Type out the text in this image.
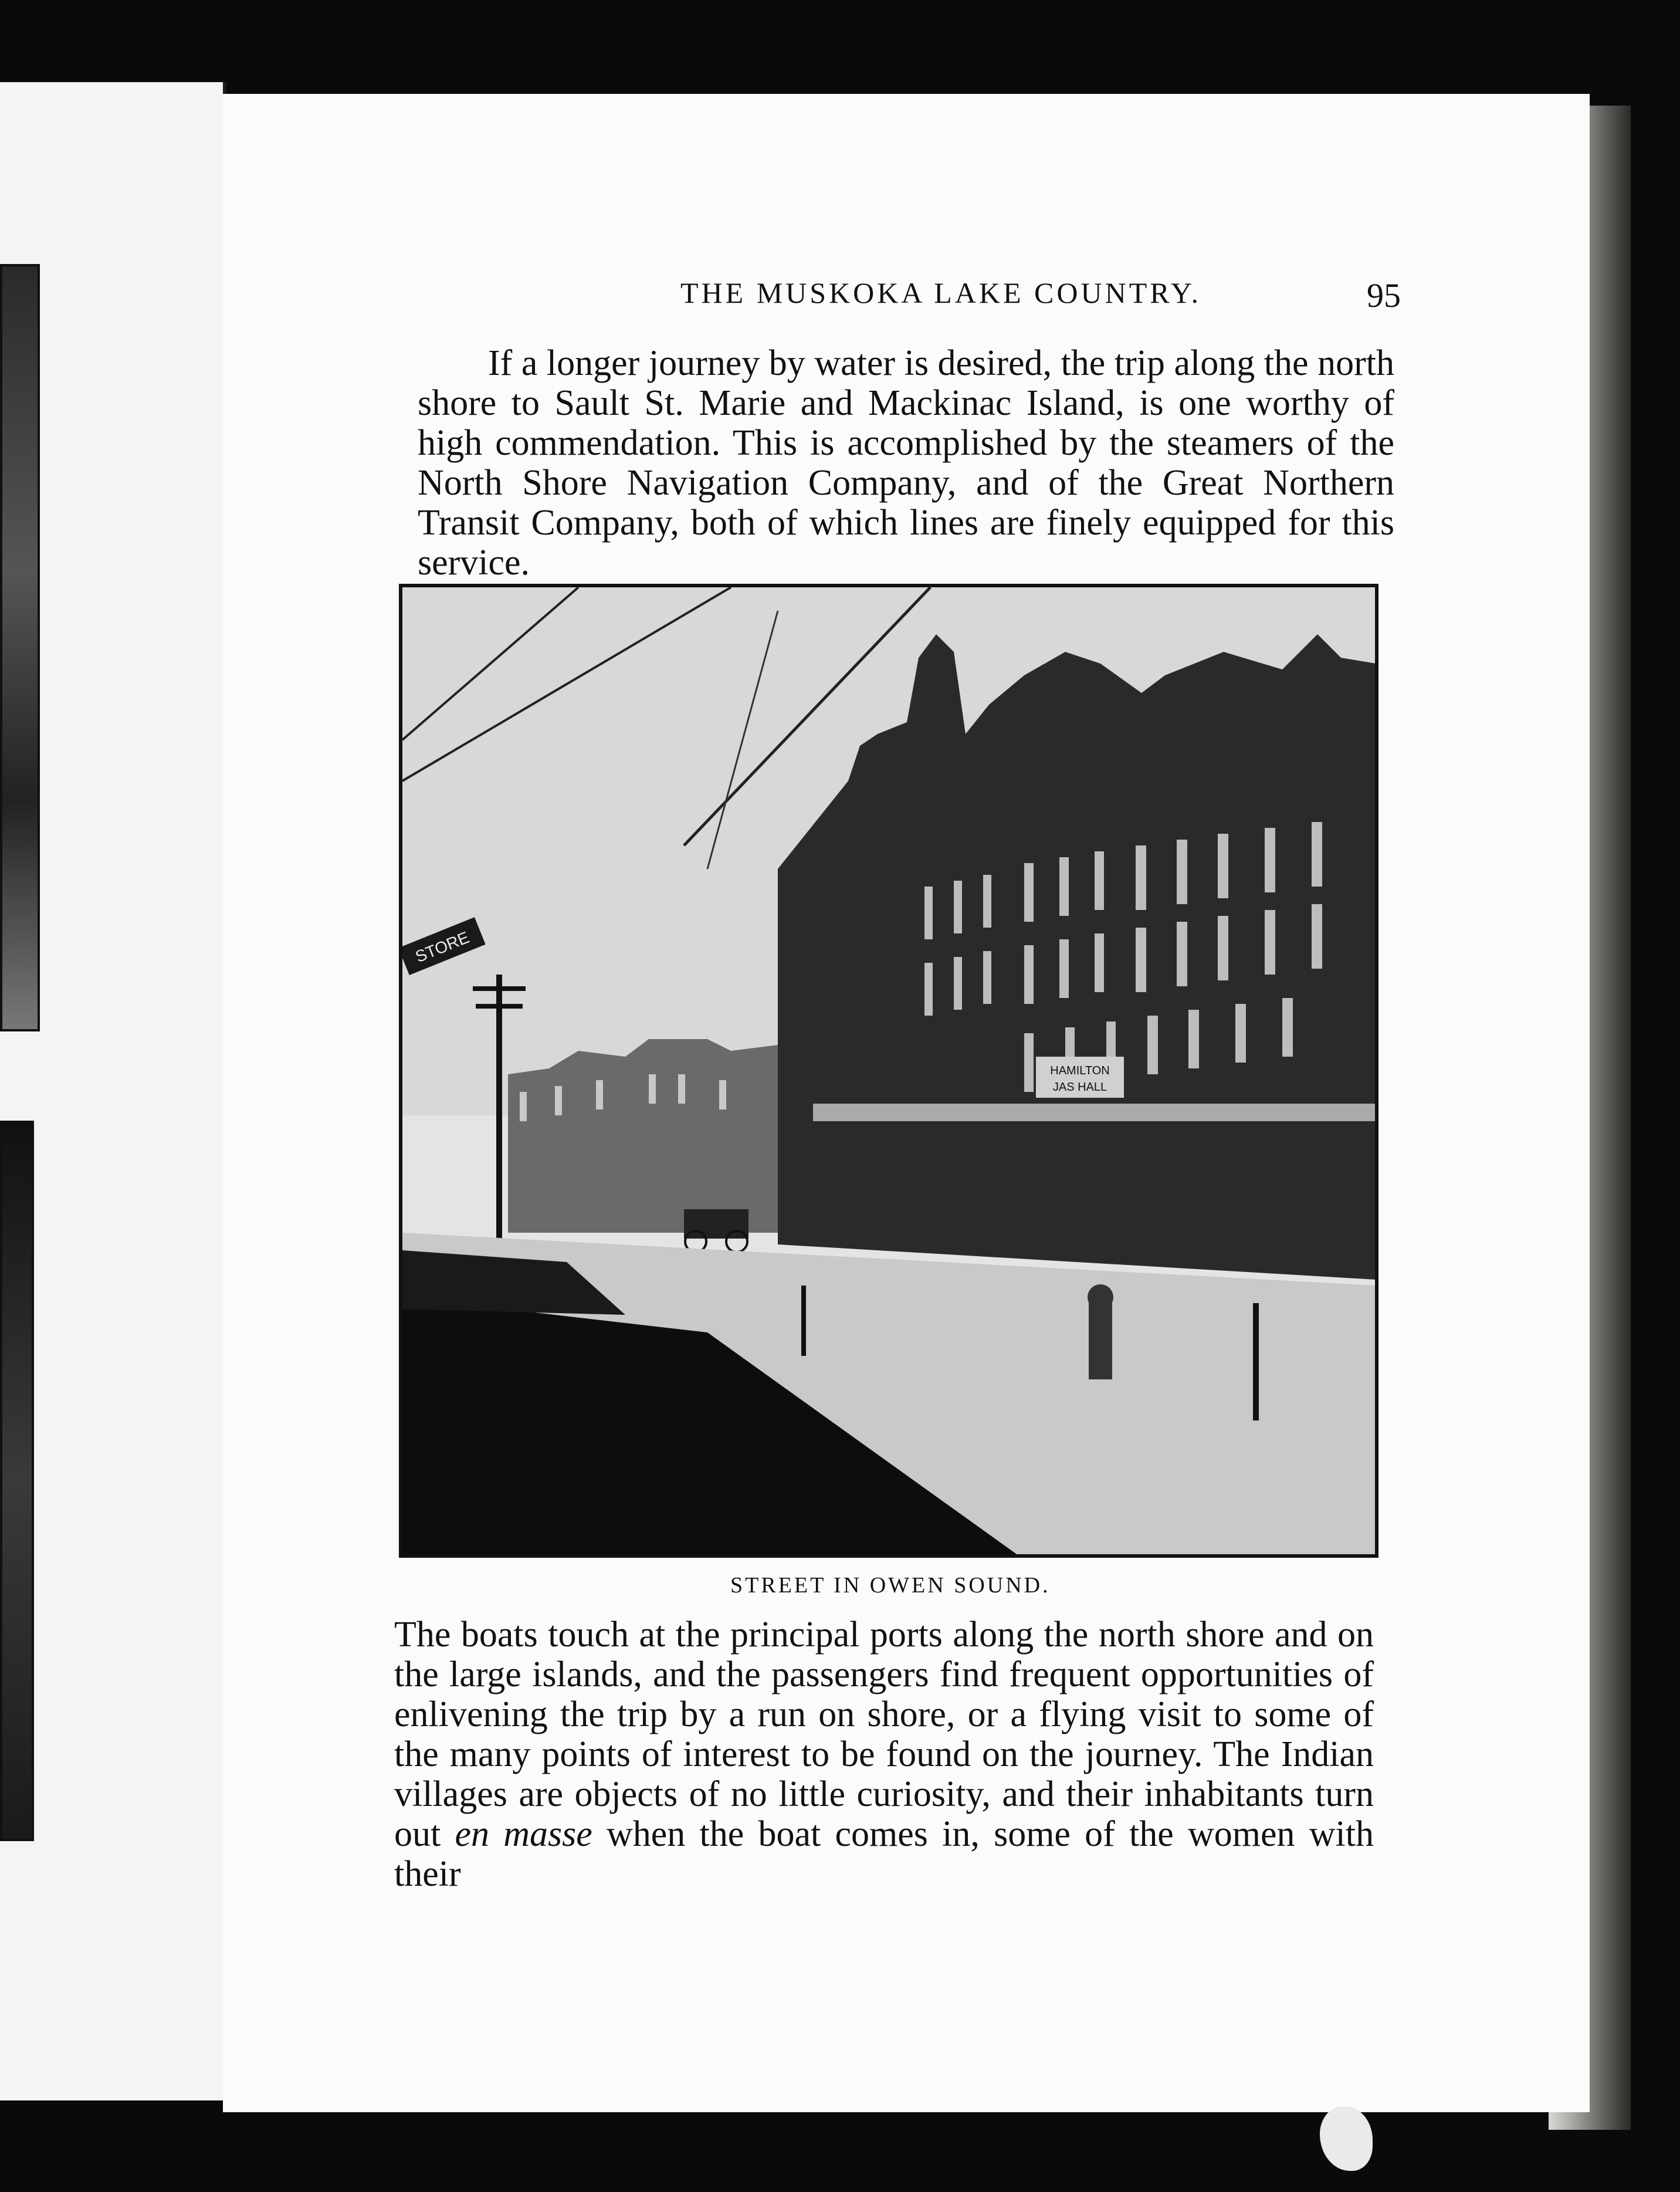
THE MUSKOKA LAKE COUNTRY.	95
If a longer journey by water is desired, the trip along the north shore to Sault St. Marie and Mackinac Island, is one worthy of high commendation. This is accomplished by the steamers of the North Shore Navigation Company, and of the Great Northern Transit Company, both of which lines are finely equipped for this service.
HAMILTON
JAS HALL
STORE
STREET IN OWEN SOUND.
The boats touch at the principal ports along the north shore and on the large islands, and the passengers find frequent opportunities of enlivening the trip by a run on shore, or a flying visit to some of the many points of interest to be found on the journey. The Indian villages are objects of no little curiosity, and their inhabitants turn out en masse when the boat comes in, some of the women with their
